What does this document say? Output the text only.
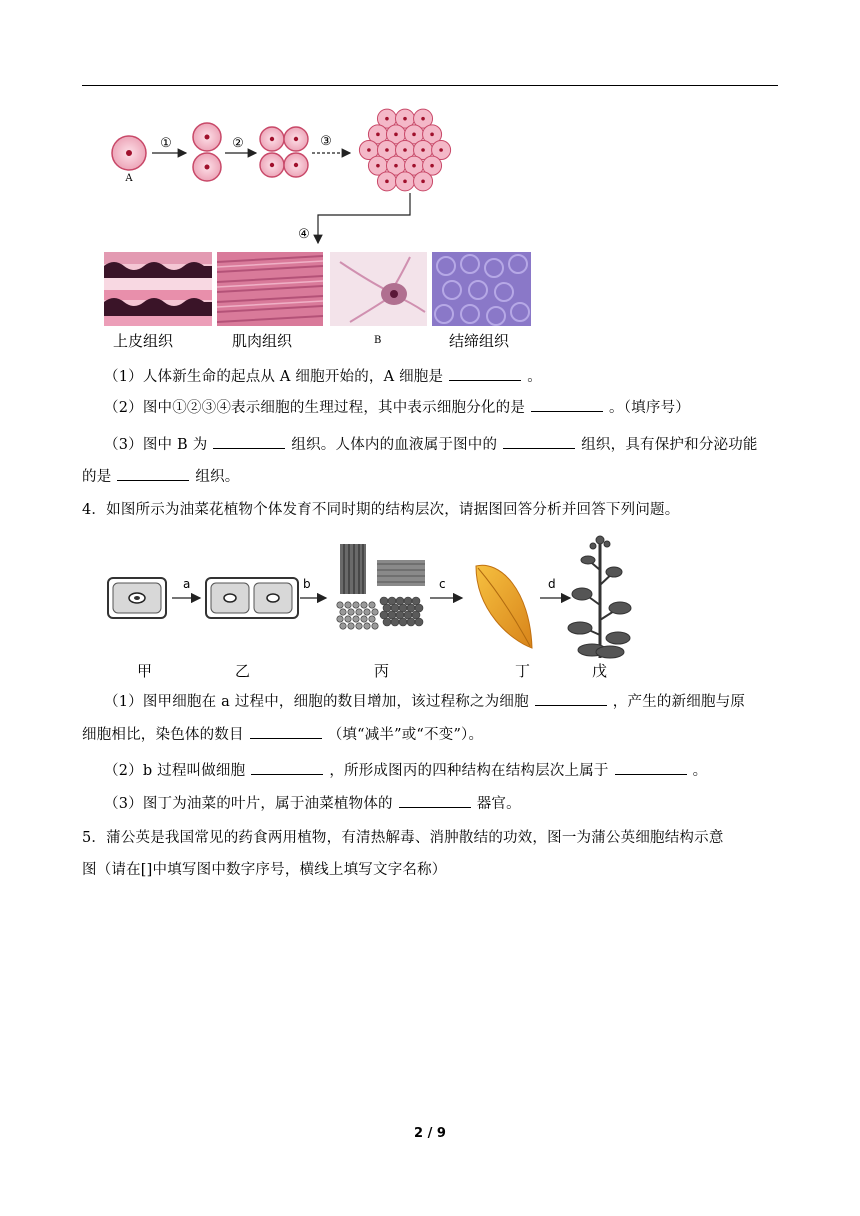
A
①	②	③
④
上皮组织	肌肉组织	B	结缔组织
（1）人体新生命的起点从 A 细胞开始的，A 细胞是	。
（2）图中①②③④表示细胞的生理过程，其中表示细胞分化的是	。（填序号）
（3）图中 B 为	组织。人体内的血液属于图中的	组织，具有保护和分泌功能
的是	组织。
4．如图所示为油菜花植物个体发育不同时期的结构层次，请据图回答分析并回答下列问题。
a	b	c	d
甲	乙	丙	丁	戊
（1）图甲细胞在 a 过程中，细胞的数目增加，该过程称之为细胞	，产生的新细胞与原
细胞相比，染色体的数目	（填“减半”或“不变”）。
（2）b 过程叫做细胞	，所形成图丙的四种结构在结构层次上属于	。
（3）图丁为油菜的叶片，属于油菜植物体的	器官。
5．蒲公英是我国常见的药食两用植物，有清热解毒、消肿散结的功效，图一为蒲公英细胞结构示意
图（请在[]中填写图中数字序号，横线上填写文字名称）
2 / 9
